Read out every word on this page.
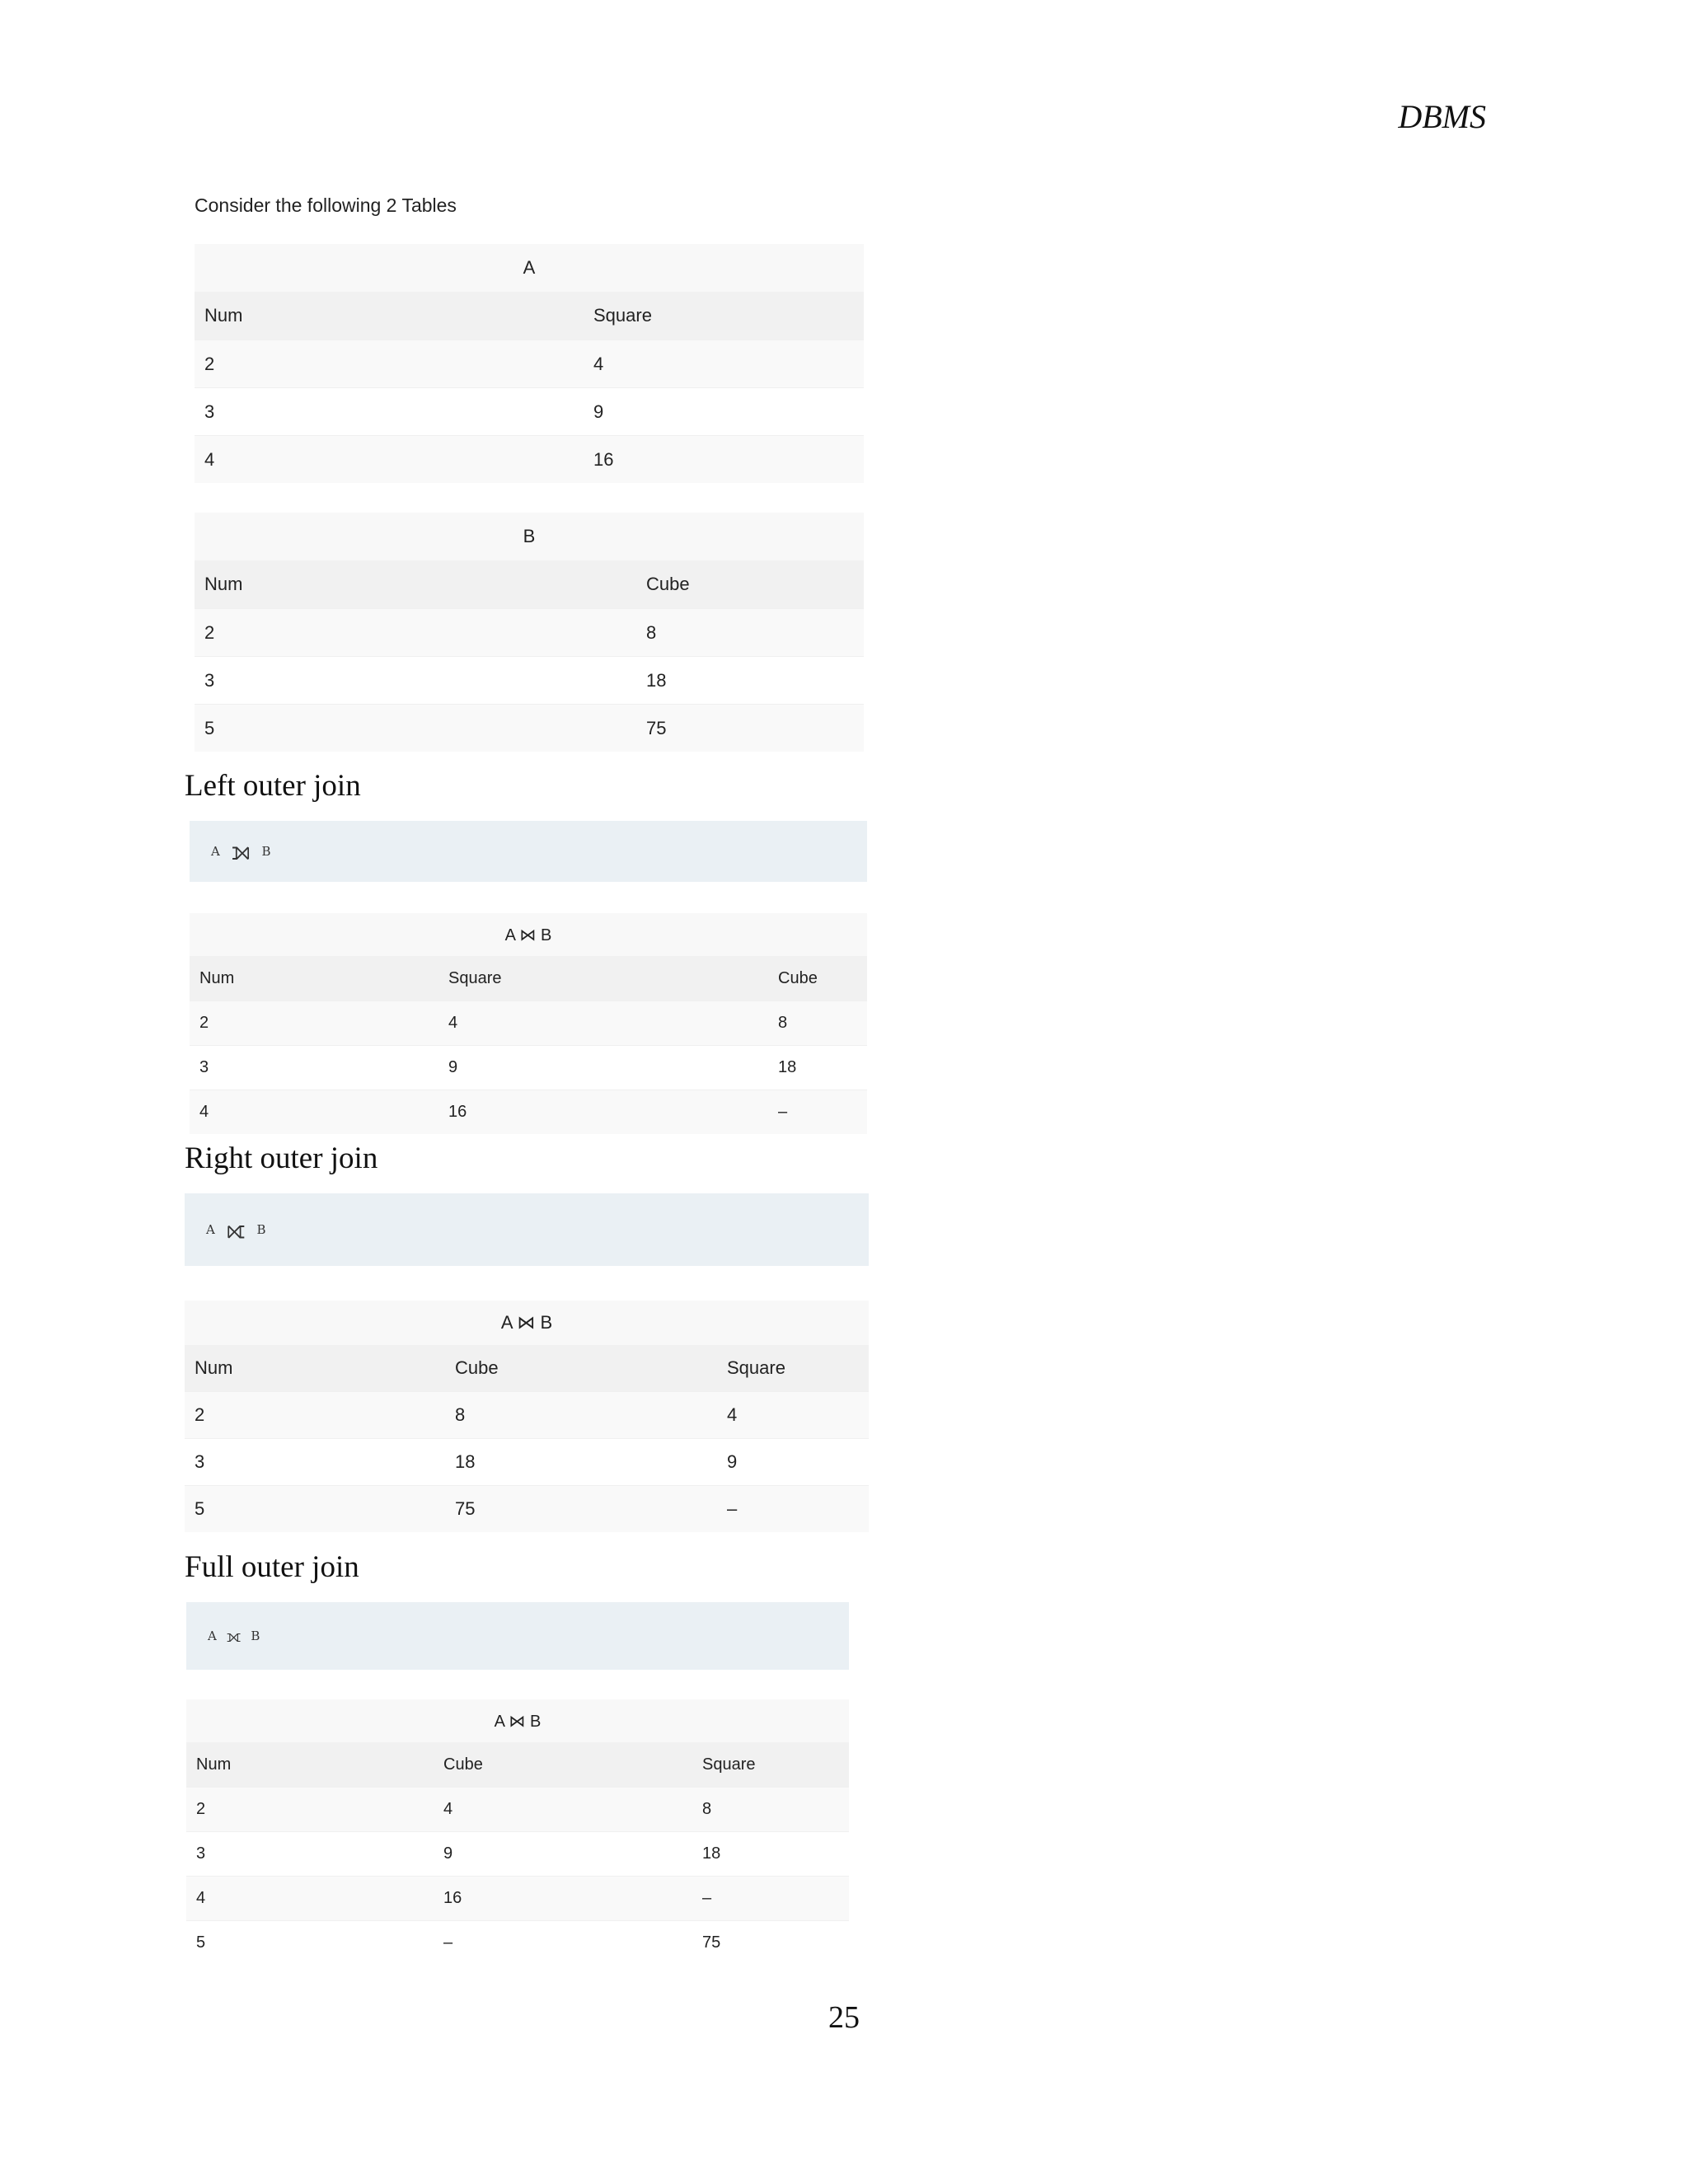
DBMS
Consider the following 2 Tables
A
Num	Square
2	4
3	9
4	16
B
Num	Cube
2	8
3	18
5	75
Left outer join
A ⟕ B
A ⋈ B
Num	Square	Cube
2	4	8
3	9	18
4	16	–
Right outer join
A ⟖ B
A ⋈ B
Num	Cube	Square
2	8	4
3	18	9
5	75	–
Full outer join
A ⟗ B
A ⋈ B
Num	Cube	Square
2	4	8
3	9	18
4	16	–
5	–	75
25
